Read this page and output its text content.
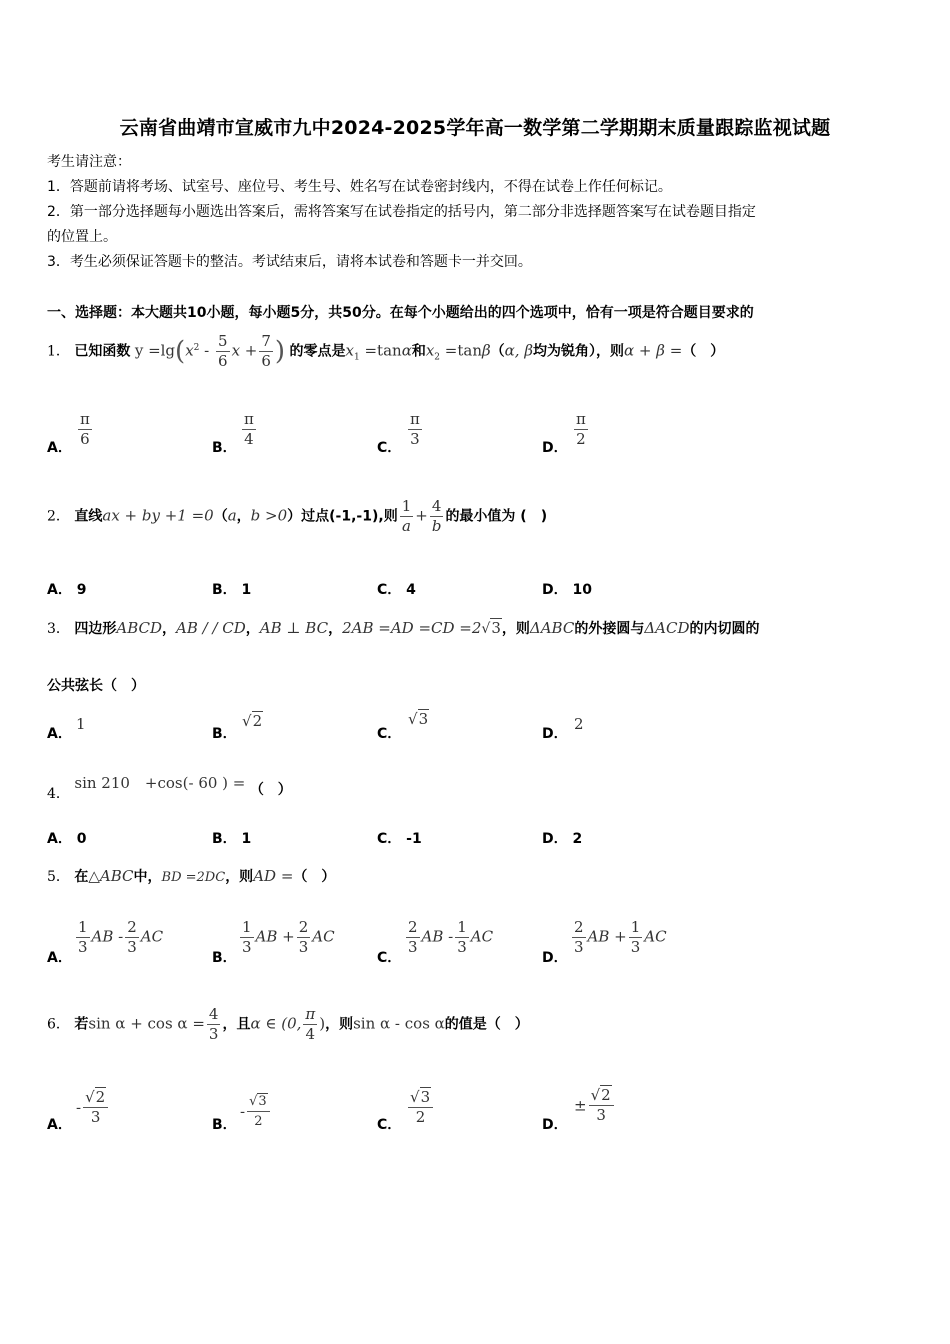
云南省曲靖市宣威市九中2024-2025学年高一数学第二学期期末质量跟踪监视试题
考生请注意：
1．答题前请将考场、试室号、座位号、考生号、姓名写在试卷密封线内，不得在试卷上作任何标记。
2．第一部分选择题每小题选出答案后，需将答案写在试卷指定的括号内，第二部分非选择题答案写在试卷题目指定
的位置上。
3．考生必须保证答题卡的整洁。考试结束后，请将本试卷和答题卡一并交回。
一、选择题：本大题共10小题，每小题5分，共50分。在每个小题给出的四个选项中，恰有一项是符合题目要求的
1． 已知函数 $y =\lg(x^2 - \frac{5}{6}$ $x + \frac{7}{6}$ ) 的零点是$x_1 =\tan\alpha$和$x_2 =\tan\beta(\alpha$, β均为锐角），则α + β =（　）
A． $\frac{\pi}{6}$	B． $\frac{\pi}{4}$	C． $\frac{\pi}{3}$	D． $\frac{\pi}{2}$
2． 直线ax + by +1 =0（a，b >0）过点(-1,-1),则 $\frac{1}{a} + \frac{4}{b}$ 的最小值为 (　)
A． 9	B． 1	C． 4	D． 10
3． 四边形ABCD，AB / / CD，AB ⊥ BC，2AB =AD =CD =2√3，则ΔABC的外接圆与ΔACD的内切圆的
公共弦长（　）
A．
1
B．
√2
C．
√3
D．
2
4． sin 210　+cos(- 60 ) = （　）
A． 0	B． 1	C． -1	D． 2
5． 在△ABC中，BD =2DC，则AD =（　）
A．
$\frac{1}{3}$ AB - $\frac{2}{3}$ AC
B．
$\frac{1}{3}$ AB + $\frac{2}{3}$ AC
C．
$\frac{2}{3}$ AB - $\frac{1}{3}$ AC
D．
$\frac{2}{3}$ AB + $\frac{1}{3}$ AC
6． 若$\sin \alpha + \cos \alpha = \frac{4}{3}$ ，且α ∈ (0, $\frac{\pi}{4}$ )，则sin α - cos α的值是（　）
A．
- $\frac{√2}{3}$	B．
- $\frac{√3}{2}$	C． $\frac{√3}{2}$	D．
± $\frac{√2}{3}$
